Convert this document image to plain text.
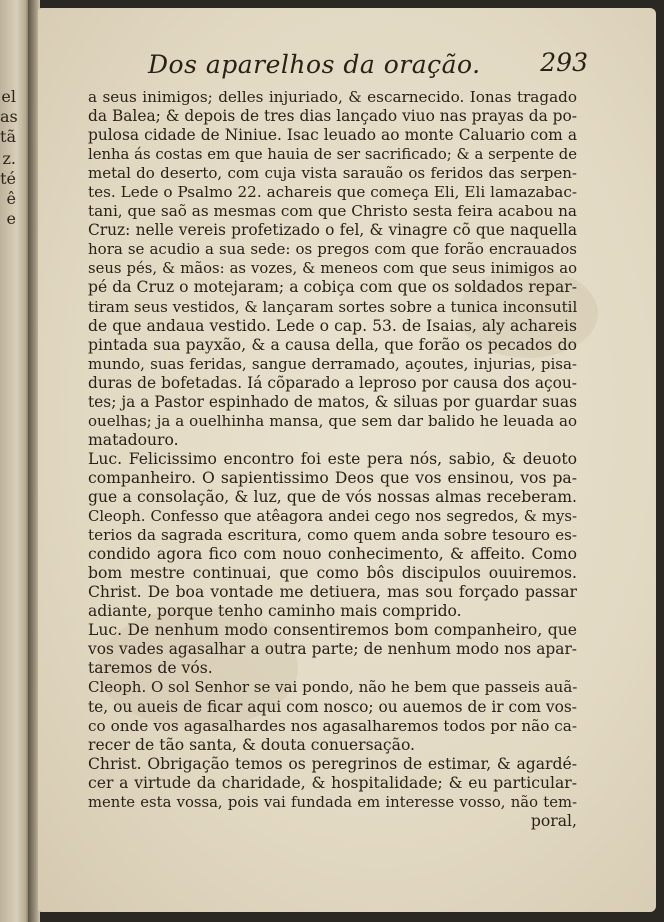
el
as
tã
z.
té
ê
e
Dos aparelhos da oração. 293
a seus inimigos; delles injuriado, & escarnecido. Ionas tragado
da Balea; & depois de tres dias lançado viuo nas prayas da po-
pulosa cidade de Niniue. Isac leuado ao monte Caluario com a
lenha ás costas em que hauia de ser sacrificado; & a serpente de
metal do deserto, com cuja vista sarauão os feridos das serpen-
tes. Lede o Psalmo 22. achareis que começa Eli, Eli lamazabac-
tani, que saõ as mesmas com que Christo sesta feira acabou na
Cruz: nelle vereis profetizado o fel, & vinagre cõ que naquella
hora se acudio a sua sede: os pregos com que forão encrauados
seus pés, & mãos: as vozes, & meneos com que seus inimigos ao
pé da Cruz o motejaram; a cobiça com que os soldados repar-
tiram seus vestidos, & lançaram sortes sobre a tunica inconsutil
de que andaua vestido. Lede o cap. 53. de Isaias, aly achareis
pintada sua payxão, & a causa della, que forão os pecados do
mundo, suas feridas, sangue derramado, açoutes, injurias, pisa-
duras de bofetadas. Iá cõparado a leproso por causa dos açou-
tes; ja a Pastor espinhado de matos, & siluas por guardar suas
ouelhas; ja a ouelhinha mansa, que sem dar balido he leuada ao
matadouro.
Luc. Felicissimo encontro foi este pera nós, sabio, & deuoto
companheiro. O sapientissimo Deos que vos ensinou, vos pa-
gue a consolação, & luz, que de vós nossas almas receberam.
Cleoph. Confesso que atêagora andei cego nos segredos, & mys-
terios da sagrada escritura, como quem anda sobre tesouro es-
condido agora fico com nouo conhecimento, & affeito. Como
bom mestre continuai, que como bôs discipulos ouuiremos.
Christ. De boa vontade me detiuera, mas sou forçado passar
adiante, porque tenho caminho mais comprido.
Luc. De nenhum modo consentiremos bom companheiro, que
vos vades agasalhar a outra parte; de nenhum modo nos apar-
taremos de vós.
Cleoph. O sol Senhor se vai pondo, não he bem que passeis auã-
te, ou aueis de ficar aqui com nosco; ou auemos de ir com vos-
co onde vos agasalhardes nos agasalharemos todos por não ca-
recer de tão santa, & douta conuersação.
Christ. Obrigação temos os peregrinos de estimar, & agardé-
cer a virtude da charidade, & hospitalidade; & eu particular-
mente esta vossa, pois vai fundada em interesse vosso, não tem-
poral,
